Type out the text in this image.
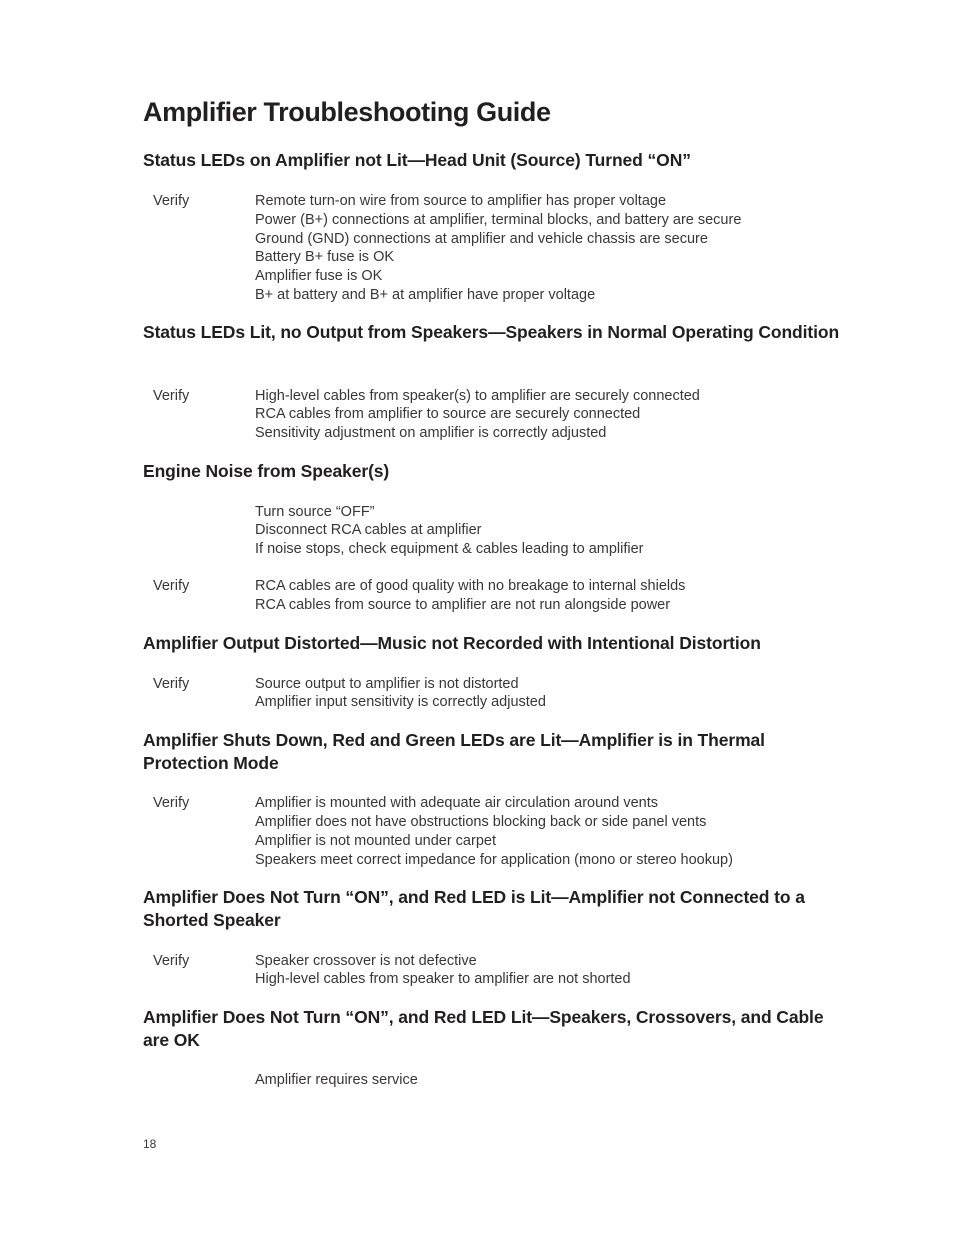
Amplifier Troubleshooting Guide
Status LEDs on Amplifier not Lit—Head Unit (Source) Turned “ON”
Verify	Remote turn-on wire from source to amplifier has proper voltage
Power (B+) connections at amplifier, terminal blocks, and battery are secure
Ground (GND) connections at amplifier and vehicle chassis are secure
Battery B+ fuse is OK
Amplifier fuse is OK
B+ at battery and B+ at amplifier have proper voltage
Status LEDs Lit, no Output from Speakers—Speakers in Normal Operating Condition
Verify	High-level cables from speaker(s) to amplifier are securely connected
RCA cables from amplifier to source are securely connected
Sensitivity adjustment on amplifier is correctly adjusted
Engine Noise from Speaker(s)
Turn source “OFF”
Disconnect RCA cables at amplifier
If noise stops, check equipment & cables leading to amplifier
Verify	RCA cables are of good quality with no breakage to internal shields
RCA cables from source to amplifier are not run alongside power
Amplifier Output Distorted—Music not Recorded with Intentional Distortion
Verify	Source output to amplifier is not distorted
Amplifier input sensitivity is correctly adjusted
Amplifier Shuts Down, Red and Green LEDs are Lit—Amplifier is in Thermal Protection Mode
Verify	Amplifier is mounted with adequate air circulation around vents
Amplifier does not have obstructions blocking back or side panel vents
Amplifier is not mounted under carpet
Speakers meet correct impedance for application (mono or stereo hookup)
Amplifier Does Not Turn “ON”, and Red LED is Lit—Amplifier not Connected to a Shorted Speaker
Verify	Speaker crossover is not defective
High-level cables from speaker to amplifier are not shorted
Amplifier Does Not Turn “ON”, and Red LED Lit—Speakers, Crossovers, and Cable are OK
Amplifier requires service
18
